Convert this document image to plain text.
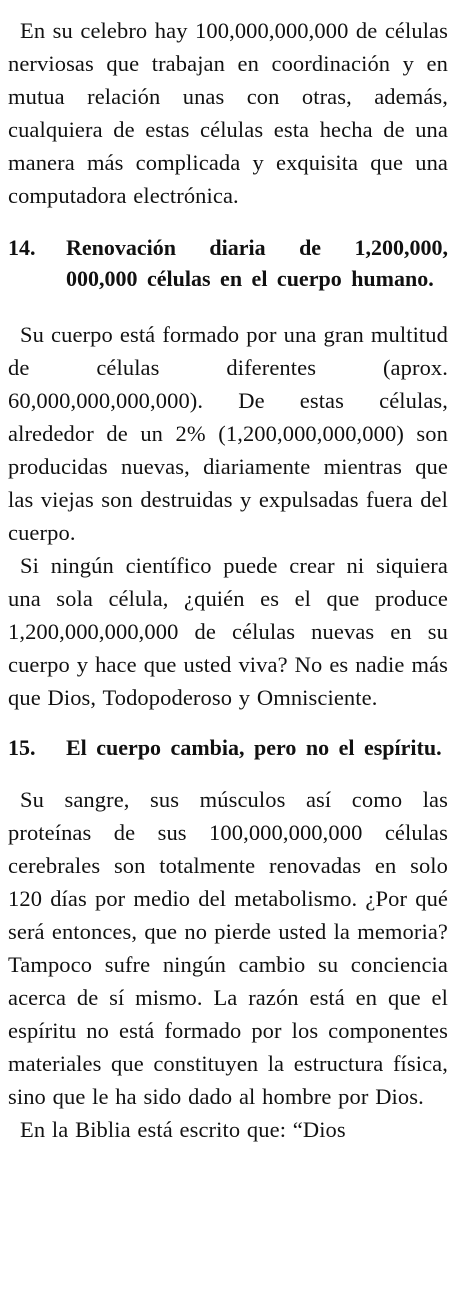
En su celebro hay 100,000,000,000 de células nerviosas que trabajan en coordinación y en mutua relación unas con otras, además, cualquiera de estas células esta hecha de una manera más complicada y exquisita que una computadora electrónica.

14.	Renovación diaria de 1,200,000, 000,000 células en el cuerpo humano.

Su cuerpo está formado por una gran multitud de células diferentes (aprox. 60,000,000,000,000). De estas células, alrededor de un 2% (1,200,000,000,000) son producidas nuevas, diariamente mientras que las viejas son destruidas y expulsadas fuera del cuerpo.

Si ningún científico puede crear ni siquiera una sola célula, ¿quién es el que produce 1,200,000,000,000 de células nuevas en su cuerpo y hace que usted viva? No es nadie más que Dios, Todopoderoso y Omnisciente.

15.	El cuerpo cambia, pero no el espíritu.

Su sangre, sus músculos así como las proteínas de sus 100,000,000,000 células cerebrales son totalmente renovadas en solo 120 días por medio del metabolismo. ¿Por qué será entonces, que no pierde usted la memoria? Tampoco sufre ningún cambio su conciencia acerca de sí mismo. La razón está en que el espíritu no está formado por los componentes materiales que constituyen la estructura física, sino que le ha sido dado al hombre por Dios.

En la Biblia está escrito que: “Dios
